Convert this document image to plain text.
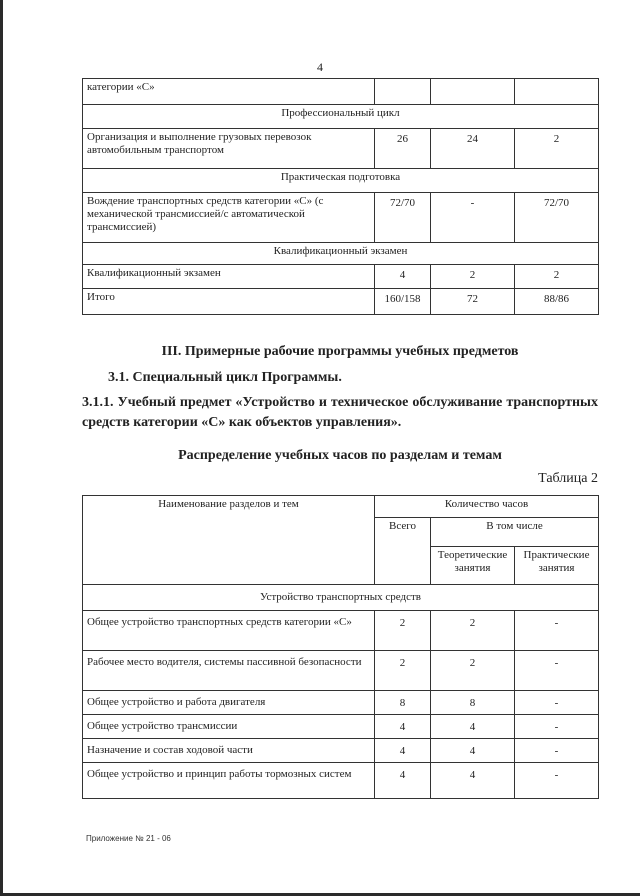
4
категории «С»			
Профессиональный цикл			
Организация и выполнение грузовых перевозок автомобильным транспортом	26	24	2
Практическая подготовка			
Вождение транспортных средств категории «С» (с механической трансмиссией/с автоматической трансмиссией)	72/70	-	72/70
Квалификационный экзамен			
Квалификационный экзамен	4	2	2
Итого	160/158	72	88/86
III. Примерные рабочие программы учебных предметов
3.1. Специальный цикл Программы.
3.1.1. Учебный предмет «Устройство и техническое обслуживание транспортных средств категории «С» как объектов управления».
Распределение учебных часов по разделам и темам
Таблица 2
Наименование разделов и тем	Количество часов		
	Всего	В том числе	
		Теоретические занятия	Практические занятия
Устройство транспортных средств			
Общее устройство транспортных средств категории «С»	2	2	-
Рабочее место водителя, системы пассивной безопасности	2	2	-
Общее устройство и работа двигателя	8	8	-
Общее устройство трансмиссии	4	4	-
Назначение и состав ходовой части	4	4	-
Общее устройство и принцип работы тормозных систем	4	4	-
Приложение № 21 - 06
